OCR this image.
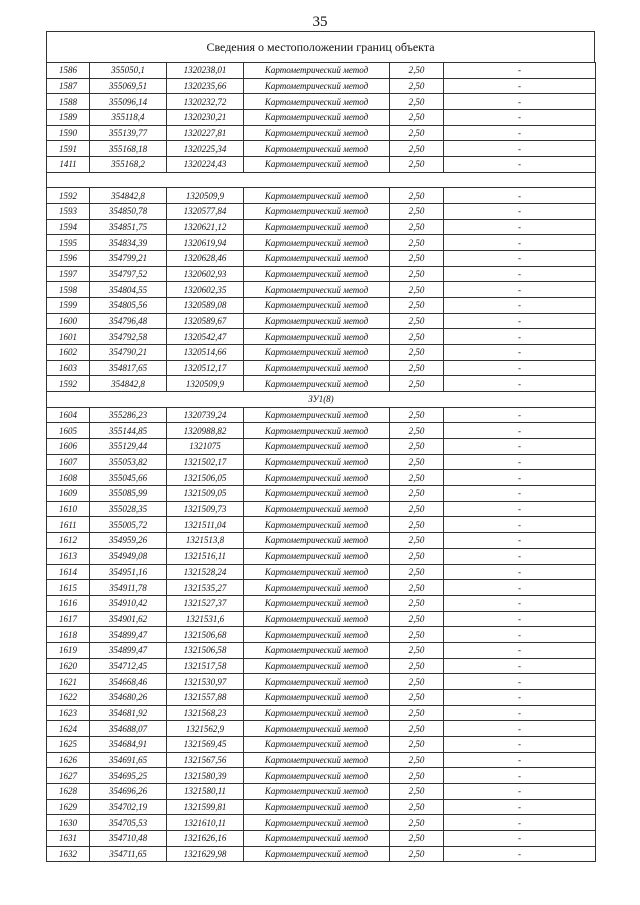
35
Сведения о местоположении границ объекта
1586	355050,1	1320238,01	Картометрический метод	2,50	-
1587	355069,51	1320235,66	Картометрический метод	2,50	-
1588	355096,14	1320232,72	Картометрический метод	2,50	-
1589	355118,4	1320230,21	Картометрический метод	2,50	-
1590	355139,77	1320227,81	Картометрический метод	2,50	-
1591	355168,18	1320225,34	Картометрический метод	2,50	-
1411	355168,2	1320224,43	Картометрический метод	2,50	-

1592	354842,8	1320509,9	Картометрический метод	2,50	-
1593	354850,78	1320577,84	Картометрический метод	2,50	-
1594	354851,75	1320621,12	Картометрический метод	2,50	-
1595	354834,39	1320619,94	Картометрический метод	2,50	-
1596	354799,21	1320628,46	Картометрический метод	2,50	-
1597	354797,52	1320602,93	Картометрический метод	2,50	-
1598	354804,55	1320602,35	Картометрический метод	2,50	-
1599	354805,56	1320589,08	Картометрический метод	2,50	-
1600	354796,48	1320589,67	Картометрический метод	2,50	-
1601	354792,58	1320542,47	Картометрический метод	2,50	-
1602	354790,21	1320514,66	Картометрический метод	2,50	-
1603	354817,65	1320512,17	Картометрический метод	2,50	-
1592	354842,8	1320509,9	Картометрический метод	2,50	-
ЗУ1(8)					
1604	355286,23	1320739,24	Картометрический метод	2,50	-
1605	355144,85	1320988,82	Картометрический метод	2,50	-
1606	355129,44	1321075	Картометрический метод	2,50	-
1607	355053,82	1321502,17	Картометрический метод	2,50	-
1608	355045,66	1321506,05	Картометрический метод	2,50	-
1609	355085,99	1321509,05	Картометрический метод	2,50	-
1610	355028,35	1321509,73	Картометрический метод	2,50	-
1611	355005,72	1321511,04	Картометрический метод	2,50	-
1612	354959,26	1321513,8	Картометрический метод	2,50	-
1613	354949,08	1321516,11	Картометрический метод	2,50	-
1614	354951,16	1321528,24	Картометрический метод	2,50	-
1615	354911,78	1321535,27	Картометрический метод	2,50	-
1616	354910,42	1321527,37	Картометрический метод	2,50	-
1617	354901,62	1321531,6	Картометрический метод	2,50	-
1618	354899,47	1321506,68	Картометрический метод	2,50	-
1619	354899,47	1321506,58	Картометрический метод	2,50	-
1620	354712,45	1321517,58	Картометрический метод	2,50	-
1621	354668,46	1321530,97	Картометрический метод	2,50	-
1622	354680,26	1321557,88	Картометрический метод	2,50	-
1623	354681,92	1321568,23	Картометрический метод	2,50	-
1624	354688,07	1321562,9	Картометрический метод	2,50	-
1625	354684,91	1321569,45	Картометрический метод	2,50	-
1626	354691,65	1321567,56	Картометрический метод	2,50	-
1627	354695,25	1321580,39	Картометрический метод	2,50	-
1628	354696,26	1321580,11	Картометрический метод	2,50	-
1629	354702,19	1321599,81	Картометрический метод	2,50	-
1630	354705,53	1321610,11	Картометрический метод	2,50	-
1631	354710,48	1321626,16	Картометрический метод	2,50	-
1632	354711,65	1321629,98	Картометрический метод	2,50	-
